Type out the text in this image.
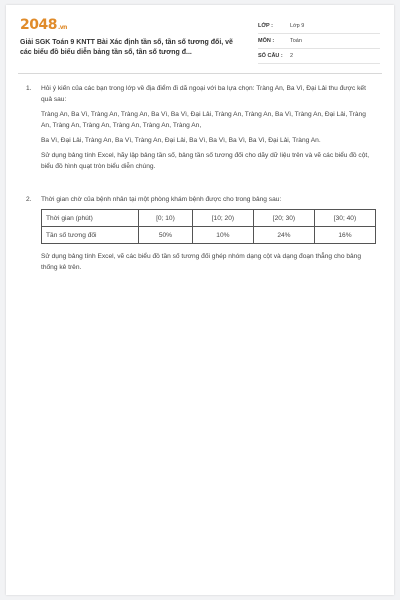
2048.vn
Giải SGK Toán 9 KNTT Bài Xác định tần số, tần số tương đối, vẽ các biểu đồ biểu diễn bảng tần số, tần số tương đ...
LỚP :	Lớp 9
MÔN :	Toán
SỐ CÂU :	2
1.	Hỏi ý kiến của các bạn trong lớp về địa điểm đi dã ngoại với ba lựa chọn: Tràng An, Ba Vì, Đại Lải thu được kết quả sau:

Tràng An, Ba Vì, Tràng An, Tràng An, Ba Vì, Ba Vì, Đại Lải, Tràng An, Tràng An, Ba Vì, Tràng An, Đại Lải, Tràng An, Tràng An, Tràng An, Tràng An, Tràng An, Tràng An,

Ba Vì, Đại Lải, Tràng An, Ba Vì, Tràng An, Đại Lải, Ba Vì, Ba Vì, Ba Vì, Ba Vì, Đại Lải, Tràng An.

Sử dụng bảng tính Excel, hãy lập bảng tần số, bảng tần số tương đối cho dãy dữ liệu trên và vẽ các biểu đồ cột, biểu đồ hình quạt tròn biểu diễn chúng.

2.	Thời gian chờ của bệnh nhân tại một phòng khám bệnh được cho trong bảng sau:

Thời gian (phút)	[0; 10)	[10; 20)	[20; 30)	[30; 40)
Tần số tương đối	50%	10%	24%	16%

Sử dụng bảng tính Excel, vẽ các biểu đồ tần số tương đối ghép nhóm dạng cột và dạng đoạn thẳng cho bảng thống kê trên.
